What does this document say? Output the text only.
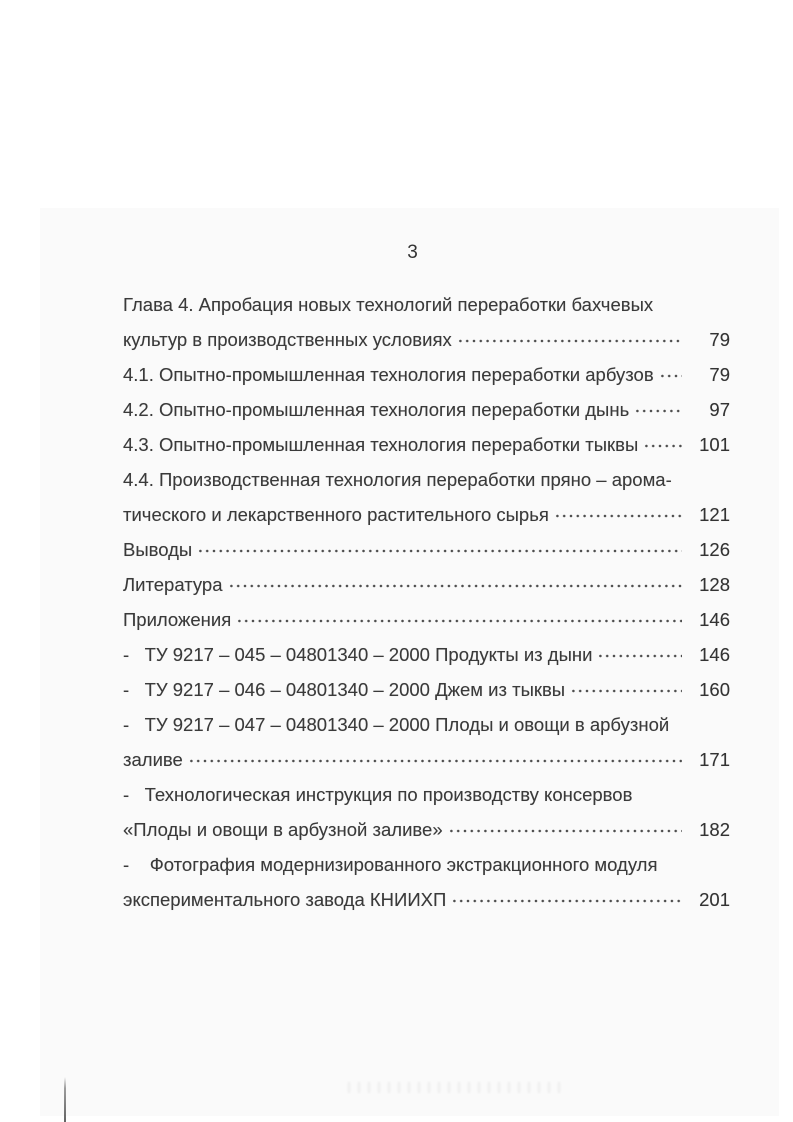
3
Глава 4. Апробация новых технологий переработки бахчевых
культур в производственных условиях	79
4.1. Опытно-промышленная технология переработки арбузов	79
4.2. Опытно-промышленная технология переработки дынь	97
4.3. Опытно-промышленная технология переработки тыквы	101
4.4. Производственная технология переработки пряно – арома-
тического и лекарственного растительного сырья	121
Выводы	126
Литература	128
Приложения	146
-   ТУ 9217 – 045 – 04801340 – 2000 Продукты из дыни	146
-   ТУ 9217 – 046 – 04801340 – 2000 Джем из тыквы	160
-   ТУ 9217 – 047 – 04801340 – 2000 Плоды и овощи в арбузной
заливе	171
-   Технологическая инструкция по производству консервов
«Плоды и овощи в арбузной заливе»	182
-    Фотография модернизированного экстракционного модуля
экспериментального завода КНИИХП	201
